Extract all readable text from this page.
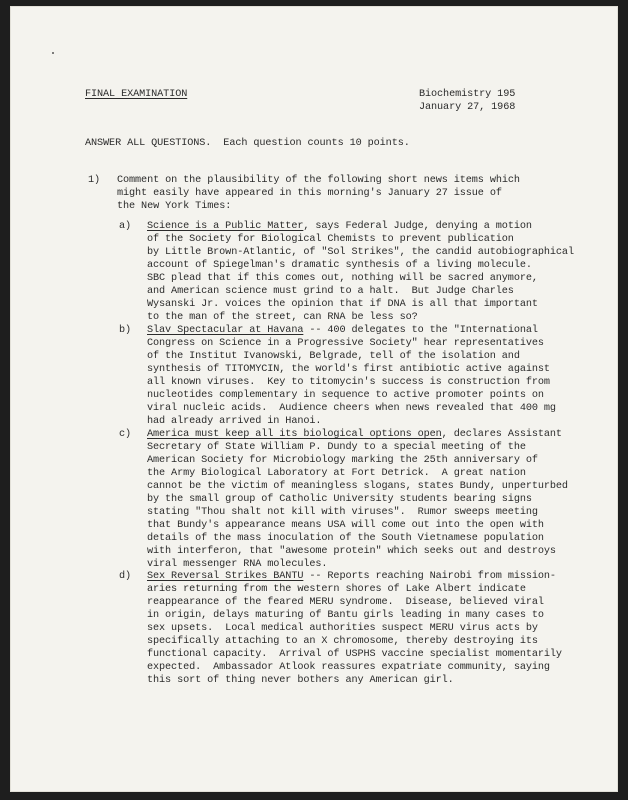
FINAL EXAMINATION	Biochemistry 195
January 27, 1968
ANSWER ALL QUESTIONS.  Each question counts 10 points.
1) Comment on the plausibility of the following short news items which
might easily have appeared in this morning's January 27 issue of
the New York Times:
a) Science is a Public Matter, says Federal Judge, denying a motion
of the Society for Biological Chemists to prevent publication
by Little Brown-Atlantic, of "Sol Strikes", the candid autobiographical
account of Spiegelman's dramatic synthesis of a living molecule.
SBC plead that if this comes out, nothing will be sacred anymore,
and American science must grind to a halt.  But Judge Charles
Wysanski Jr. voices the opinion that if DNA is all that important
to the man of the street, can RNA be less so?
b) Slav Spectacular at Havana -- 400 delegates to the "International
Congress on Science in a Progressive Society" hear representatives
of the Institut Ivanowski, Belgrade, tell of the isolation and
synthesis of TITOMYCIN, the world's first antibiotic active against
all known viruses.  Key to titomycin's success is construction from
nucleotides complementary in sequence to active promoter points on
viral nucleic acids.  Audience cheers when news revealed that 400 mg
had already arrived in Hanoi.
c) America must keep all its biological options open, declares Assistant
Secretary of State William P. Dundy to a special meeting of the
American Society for Microbiology marking the 25th anniversary of
the Army Biological Laboratory at Fort Detrick.  A great nation
cannot be the victim of meaningless slogans, states Bundy, unperturbed
by the small group of Catholic University students bearing signs
stating "Thou shalt not kill with viruses".  Rumor sweeps meeting
that Bundy's appearance means USA will come out into the open with
details of the mass inoculation of the South Vietnamese population
with interferon, that "awesome protein" which seeks out and destroys
viral messenger RNA molecules.
d) Sex Reversal Strikes BANTU -- Reports reaching Nairobi from mission-
aries returning from the western shores of Lake Albert indicate
reappearance of the feared MERU syndrome.  Disease, believed viral
in origin, delays maturing of Bantu girls leading in many cases to
sex upsets.  Local medical authorities suspect MERU virus acts by
specifically attaching to an X chromosome, thereby destroying its
functional capacity.  Arrival of USPHS vaccine specialist momentarily
expected.  Ambassador Atlook reassures expatriate community, saying
this sort of thing never bothers any American girl.
